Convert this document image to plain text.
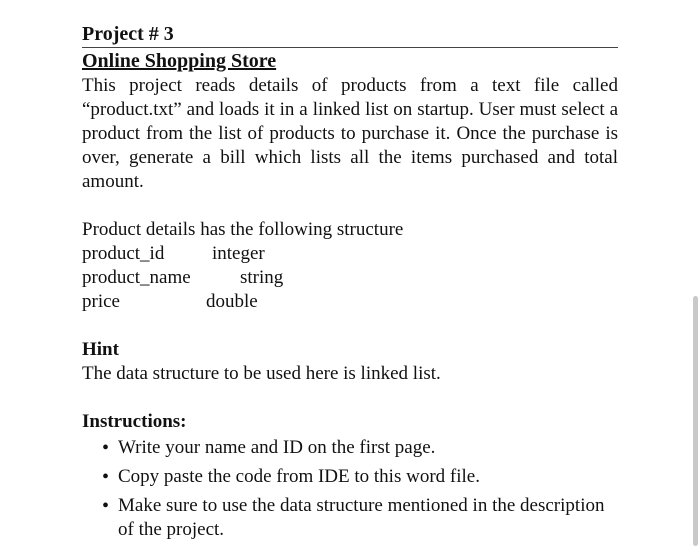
Project # 3
Online Shopping Store

This project reads details of products from a text file called “product.txt” and loads it in a linked list on startup. User must select a product from the list of products to purchase it. Once the purchase is over, generate a bill which lists all the items purchased and total amount.

Product details has the following structure

product_id	integer
product_name	string
price	double
Hint

The data structure to be used here is linked list.

Instructions:
• Write your name and ID on the first page.
• Copy paste the code from IDE to this word file.
• Make sure to use the data structure mentioned in the description of the project.
